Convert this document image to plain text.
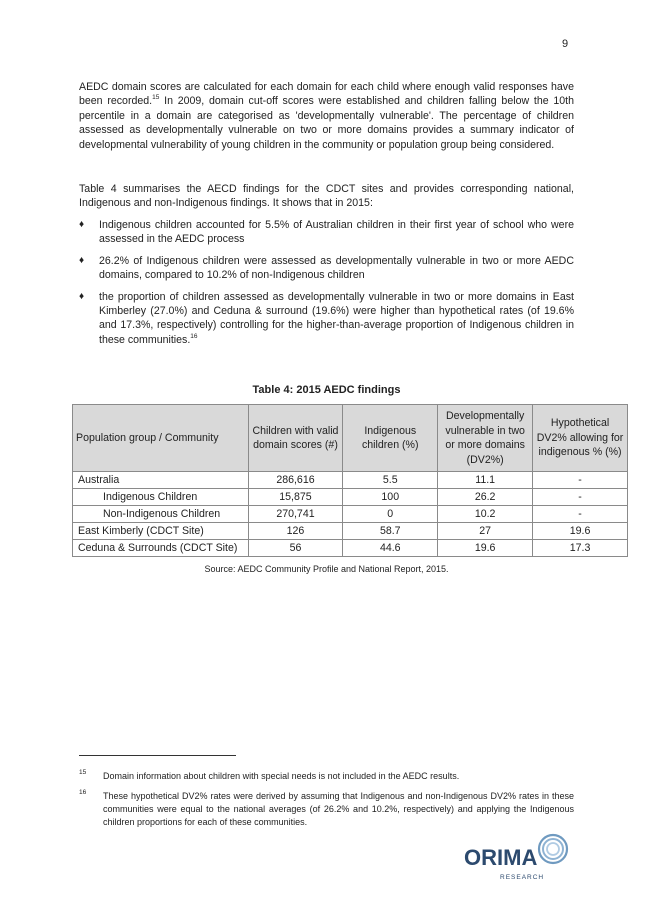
9

AEDC domain scores are calculated for each domain for each child where enough valid responses have been recorded.$^{15}$ In 2009, domain cut-off scores were established and children falling below the 10th percentile in a domain are categorised as 'developmentally vulnerable'. The percentage of children assessed as developmentally vulnerable on two or more domains provides a summary indicator of developmental vulnerability of young children in the community or population group being considered.

Table 4 summarises the AECD findings for the CDCT sites and provides corresponding national, Indigenous and non-Indigenous findings. It shows that in 2015:

♦ Indigenous children accounted for 5.5% of Australian children in their first year of school who were assessed in the AEDC process
♦ 26.2% of Indigenous children were assessed as developmentally vulnerable in two or more AEDC domains, compared to 10.2% of non-Indigenous children
♦ the proportion of children assessed as developmentally vulnerable in two or more domains in East Kimberley (27.0%) and Ceduna & surround (19.6%) were higher than hypothetical rates (of 19.6% and 17.3%, respectively) controlling for the higher-than-average proportion of Indigenous children in these communities.$^{16}$
Table 4: 2015 AEDC findings
Population group / Community	Children with valid domain scores (#)	Indigenous children (%)	Developmentally vulnerable in two or more domains (DV2%)	Hypothetical DV2% allowing for indigenous % (%)
Australia	286,616	5.5	11.1	-
Indigenous Children	15,875	100	26.2	-
Non-Indigenous Children	270,741	0	10.2	-
East Kimberly (CDCT Site)	126	58.7	27	19.6
Ceduna & Surrounds (CDCT Site)	56	44.6	19.6	17.3
Source: AEDC Community Profile and National Report, 2015.
15 Domain information about children with special needs is not included in the AEDC results.
16 These hypothetical DV2% rates were derived by assuming that Indigenous and non-Indigenous DV2% rates in these communities were equal to the national averages (of 26.2% and 10.2%, respectively) and applying the Indigenous children proportions for each of these communities.
ORIMA
RESEARCH
